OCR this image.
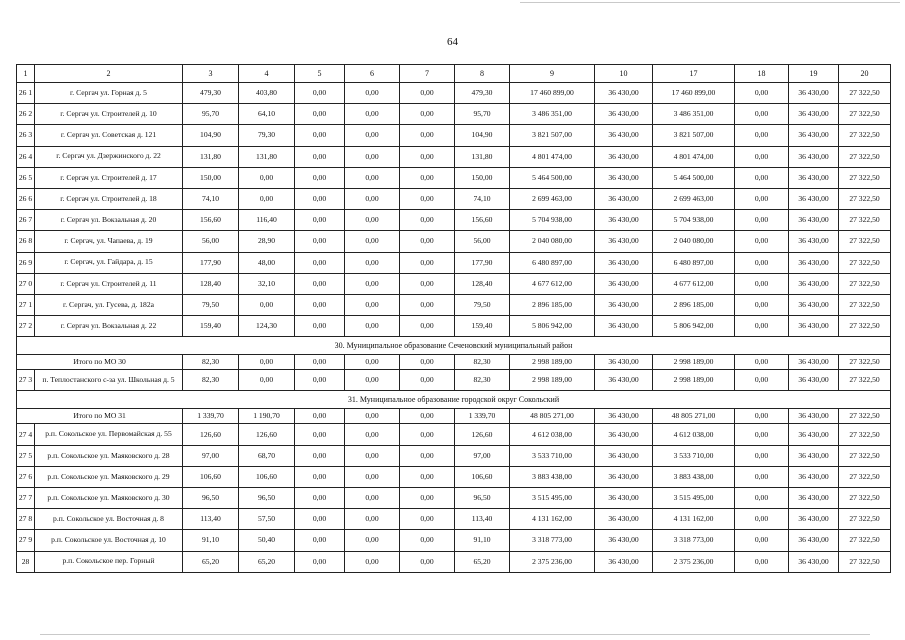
64
1	2	3	4	5	6	7	8	9	10	17	18	19	20
26 1	г. Сергач ул. Горная д. 5	479,30	403,80	0,00	0,00	0,00	479,30	17 460 899,00	36 430,00	17 460 899,00	0,00	36 430,00	27 322,50
26 2	г. Сергач ул. Строителей д. 10	95,70	64,10	0,00	0,00	0,00	95,70	3 486 351,00	36 430,00	3 486 351,00	0,00	36 430,00	27 322,50
26 3	г. Сергач ул. Советская д. 121	104,90	79,30	0,00	0,00	0,00	104,90	3 821 507,00	36 430,00	3 821 507,00	0,00	36 430,00	27 322,50
26 4	г. Сергач ул. Дзержинского д. 22	131,80	131,80	0,00	0,00	0,00	131,80	4 801 474,00	36 430,00	4 801 474,00	0,00	36 430,00	27 322,50
26 5	г. Сергач ул. Строителей д. 17	150,00	0,00	0,00	0,00	0,00	150,00	5 464 500,00	36 430,00	5 464 500,00	0,00	36 430,00	27 322,50
26 6	г. Сергач ул. Строителей д. 18	74,10	0,00	0,00	0,00	0,00	74,10	2 699 463,00	36 430,00	2 699 463,00	0,00	36 430,00	27 322,50
26 7	г. Сергач ул. Вокзальная д. 20	156,60	116,40	0,00	0,00	0,00	156,60	5 704 938,00	36 430,00	5 704 938,00	0,00	36 430,00	27 322,50
26 8	г. Сергач, ул. Чапаева, д. 19	56,00	28,90	0,00	0,00	0,00	56,00	2 040 080,00	36 430,00	2 040 080,00	0,00	36 430,00	27 322,50
26 9	г. Сергач, ул. Гайдара, д. 15	177,90	48,00	0,00	0,00	0,00	177,90	6 480 897,00	36 430,00	6 480 897,00	0,00	36 430,00	27 322,50
27 0	г. Сергач ул. Строителей д. 11	128,40	32,10	0,00	0,00	0,00	128,40	4 677 612,00	36 430,00	4 677 612,00	0,00	36 430,00	27 322,50
27 1	г. Сергач, ул. Гусева, д. 182а	79,50	0,00	0,00	0,00	0,00	79,50	2 896 185,00	36 430,00	2 896 185,00	0,00	36 430,00	27 322,50
27 2	г. Сергач ул. Вокзальная д. 22	159,40	124,30	0,00	0,00	0,00	159,40	5 806 942,00	36 430,00	5 806 942,00	0,00	36 430,00	27 322,50
30. Муниципальное образование Сеченовский муниципальный район													
Итого по МО 30		82,30	0,00	0,00	0,00	0,00	82,30	2 998 189,00	36 430,00	2 998 189,00	0,00	36 430,00	27 322,50
27 3	п. Теплостанского с-за ул. Школьная д. 5	82,30	0,00	0,00	0,00	0,00	82,30	2 998 189,00	36 430,00	2 998 189,00	0,00	36 430,00	27 322,50
31. Муниципальное образование городской округ Сокольский													
Итого по МО 31		1 339,70	1 190,70	0,00	0,00	0,00	1 339,70	48 805 271,00	36 430,00	48 805 271,00	0,00	36 430,00	27 322,50
27 4	р.п. Сокольское ул. Первомайская д. 55	126,60	126,60	0,00	0,00	0,00	126,60	4 612 038,00	36 430,00	4 612 038,00	0,00	36 430,00	27 322,50
27 5	р.п. Сокольское ул. Маяковского д. 28	97,00	68,70	0,00	0,00	0,00	97,00	3 533 710,00	36 430,00	3 533 710,00	0,00	36 430,00	27 322,50
27 6	р.п. Сокольское ул. Маяковского д. 29	106,60	106,60	0,00	0,00	0,00	106,60	3 883 438,00	36 430,00	3 883 438,00	0,00	36 430,00	27 322,50
27 7	р.п. Сокольское ул. Маяковского д. 30	96,50	96,50	0,00	0,00	0,00	96,50	3 515 495,00	36 430,00	3 515 495,00	0,00	36 430,00	27 322,50
27 8	р.п. Сокольское ул. Восточная д. 8	113,40	57,50	0,00	0,00	0,00	113,40	4 131 162,00	36 430,00	4 131 162,00	0,00	36 430,00	27 322,50
27 9	р.п. Сокольское ул. Восточная д. 10	91,10	50,40	0,00	0,00	0,00	91,10	3 318 773,00	36 430,00	3 318 773,00	0,00	36 430,00	27 322,50
28	р.п. Сокольское пер. Горный	65,20	65,20	0,00	0,00	0,00	65,20	2 375 236,00	36 430,00	2 375 236,00	0,00	36 430,00	27 322,50
